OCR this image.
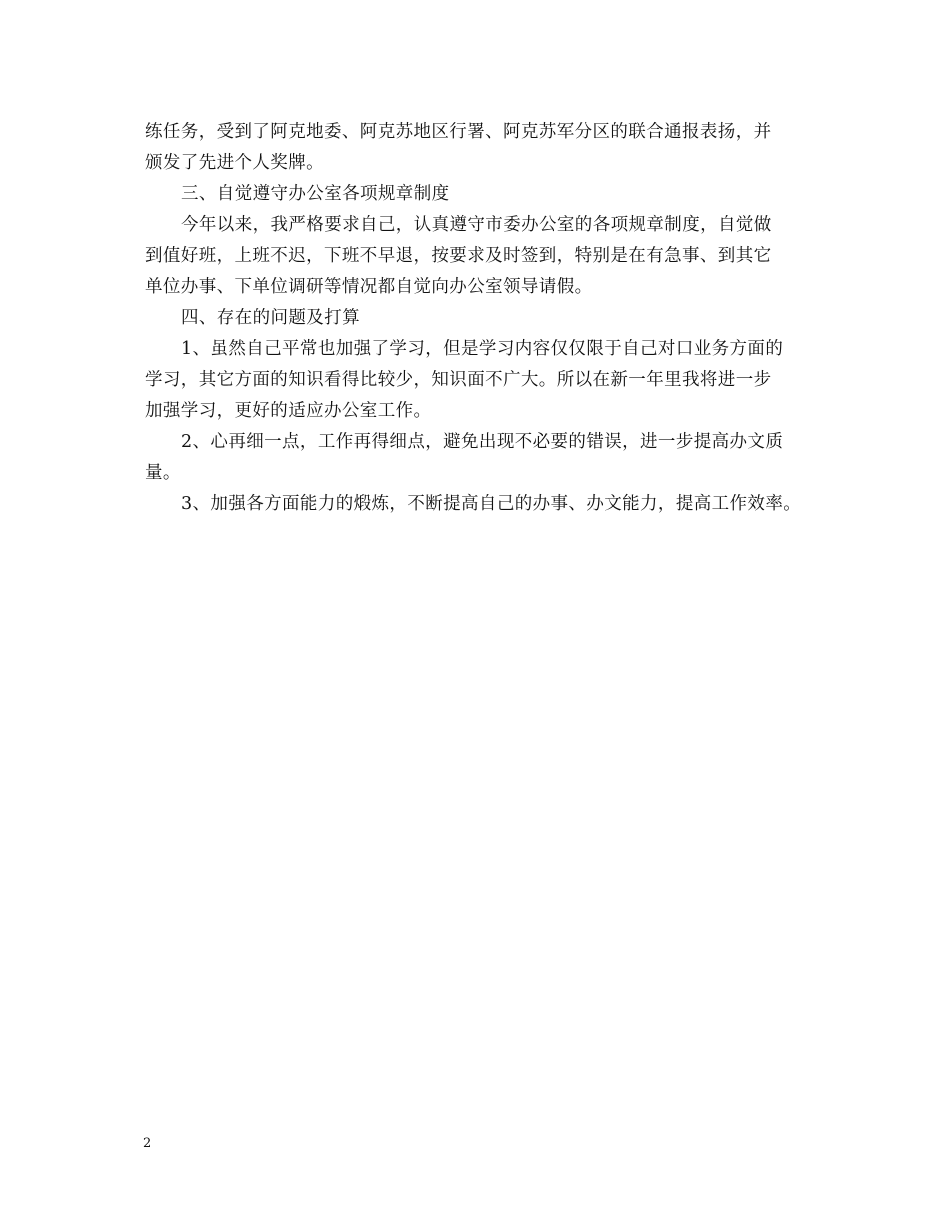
练任务，受到了阿克地委、阿克苏地区行署、阿克苏军分区的联合通报表扬，并
颁发了先进个人奖牌。

三、自觉遵守办公室各项规章制度

今年以来，我严格要求自己，认真遵守市委办公室的各项规章制度，自觉做
到值好班，上班不迟，下班不早退，按要求及时签到，特别是在有急事、到其它
单位办事、下单位调研等情况都自觉向办公室领导请假。

四、存在的问题及打算

1、虽然自己平常也加强了学习，但是学习内容仅仅限于自己对口业务方面的
学习，其它方面的知识看得比较少，知识面不广大。所以在新一年里我将进一步
加强学习，更好的适应办公室工作。

2、心再细一点，工作再得细点，避免出现不必要的错误，进一步提高办文质
量。

3、加强各方面能力的煅炼，不断提高自己的办事、办文能力，提高工作效率。

2
